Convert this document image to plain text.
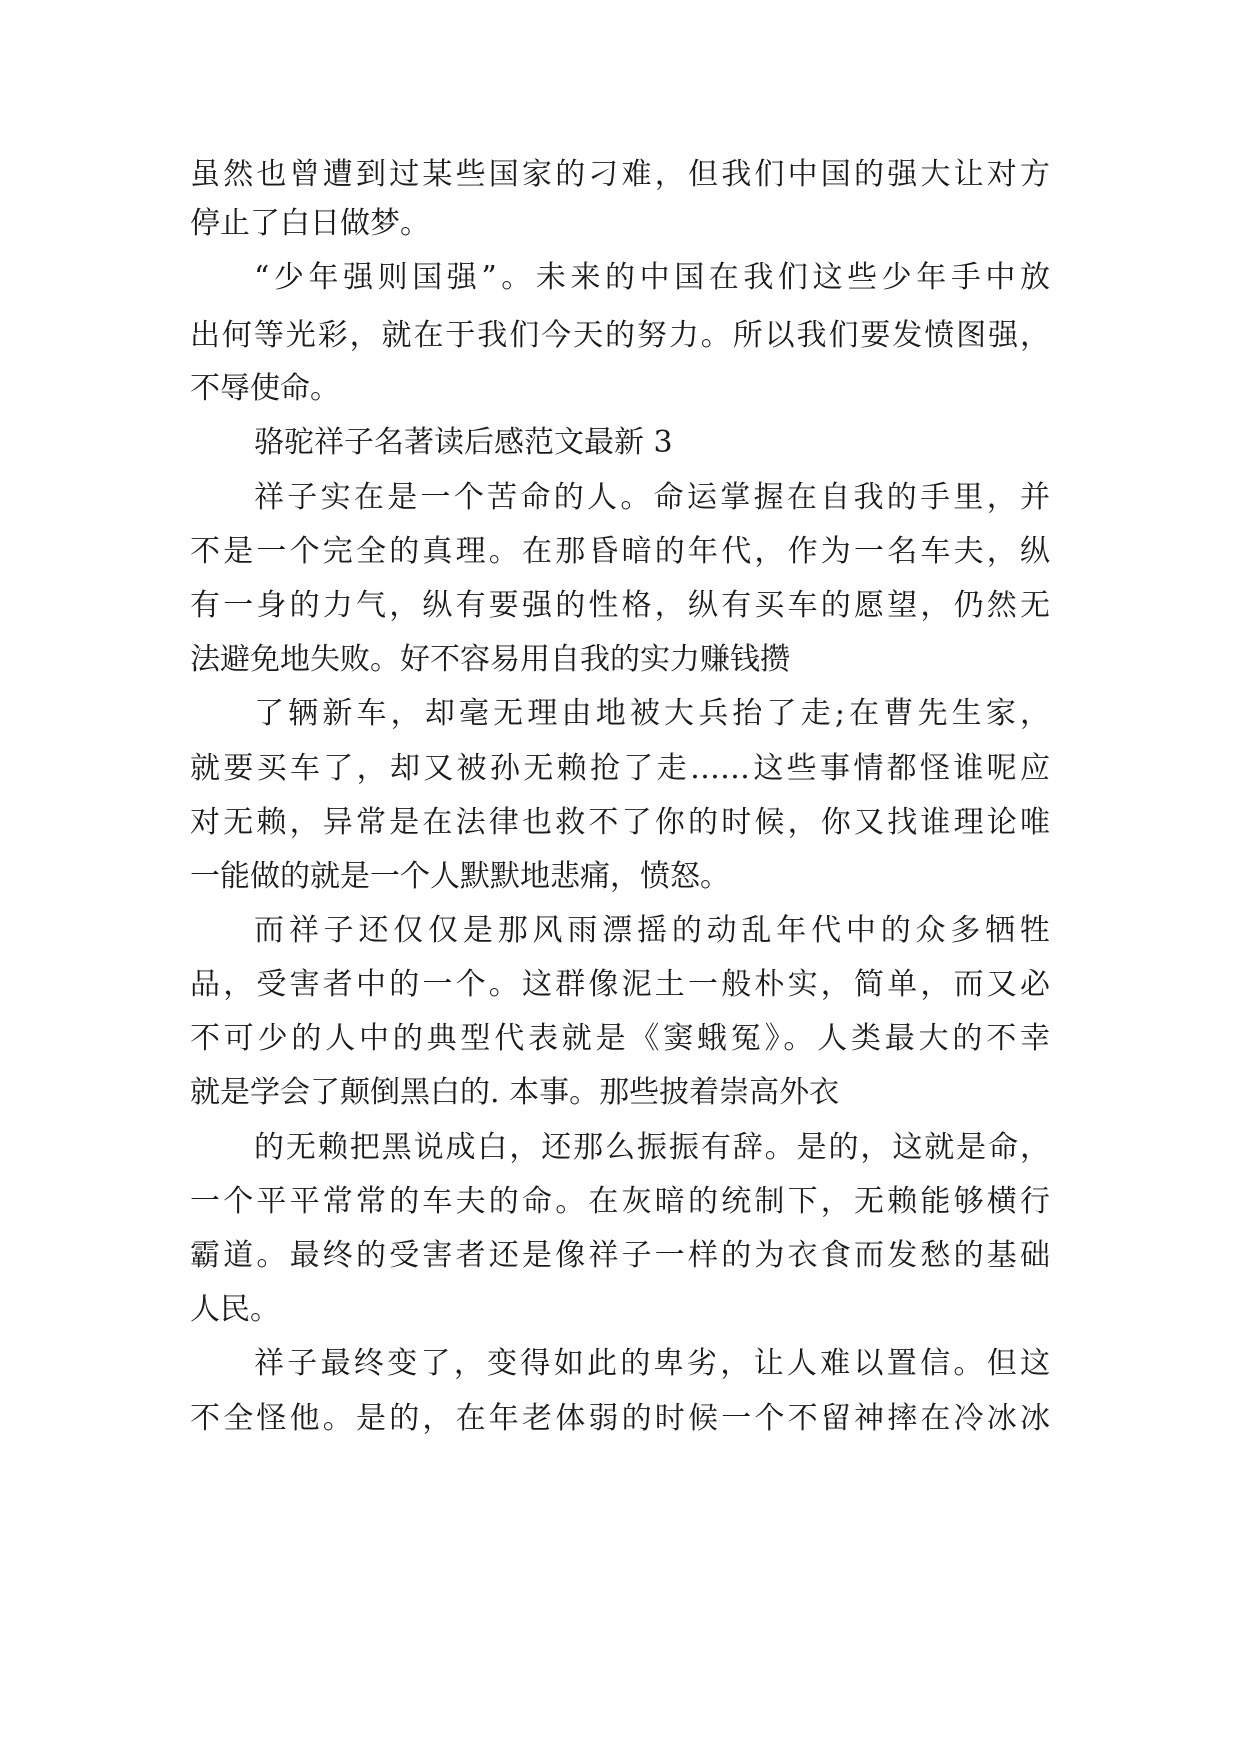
虽然也曾遭到过某些国家的刁难，但我们中国的强大让对方
停止了白日做梦。
“少年强则国强”。未来的中国在我们这些少年手中放
出何等光彩，就在于我们今天的努力。所以我们要发愤图强，
不辱使命。
骆驼祥子名著读后感范文最新 3
祥子实在是一个苦命的人。命运掌握在自我的手里，并
不是一个完全的真理。在那昏暗的年代，作为一名车夫，纵
有一身的力气，纵有要强的性格，纵有买车的愿望，仍然无
法避免地失败。好不容易用自我的实力赚钱攒
了辆新车，却毫无理由地被大兵抬了走;在曹先生家，
就要买车了，却又被孙无赖抢了走……这些事情都怪谁呢应
对无赖，异常是在法律也救不了你的时候，你又找谁理论唯
一能做的就是一个人默默地悲痛，愤怒。
而祥子还仅仅是那风雨漂摇的动乱年代中的众多牺牲
品，受害者中的一个。这群像泥土一般朴实，简单，而又必
不可少的人中的典型代表就是《窦蛾冤》。人类最大的不幸
就是学会了颠倒黑白的. 本事。那些披着崇高外衣
的无赖把黑说成白，还那么振振有辞。是的，这就是命，
一个平平常常的车夫的命。在灰暗的统制下，无赖能够横行
霸道。最终的受害者还是像祥子一样的为衣食而发愁的基础
人民。
祥子最终变了，变得如此的卑劣，让人难以置信。但这
不全怪他。是的，在年老体弱的时候一个不留神摔在冷冰冰
